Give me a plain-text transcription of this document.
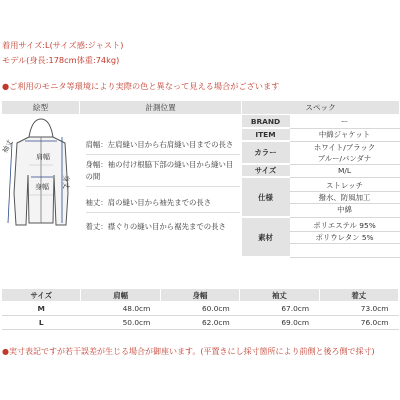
着用サイズ:L(サイズ感:ジャスト)
モデル(身長:178cm体重:74kg)
●ご利用のモニタ等環境により実際の色と異なって見える場合がございます
絵型	計測位置	スペック

肩幅
身幅
袖丈
身丈

肩幅：左肩縫い目から右肩縫い目までの長さ
身幅：袖の付け根脇下部の縫い目から縫い目の間
袖丈：肩の縫い目から袖先までの長さ
着丈：襟ぐりの縫い目から裾先までの長さ

BRAND	ー
ITEM	中綿ジャケット
カラー	
ホワイト/ブラック
ブルー/バンダナ

サイズ	M/L
仕様	
ストレッチ
撥水、防風加工
中綿

素材	
ポリエステル 95%
ポリウレタン 5%
サイズ	肩幅	身幅	袖丈	着丈
M	48.0cm	60.0cm	67.0cm	73.0cm
L	50.0cm	62.0cm	69.0cm	76.0cm
●実寸表記ですが若干誤差が生じる場合が御座います。(平置きにし採寸箇所により前側と後ろ側で採寸)
